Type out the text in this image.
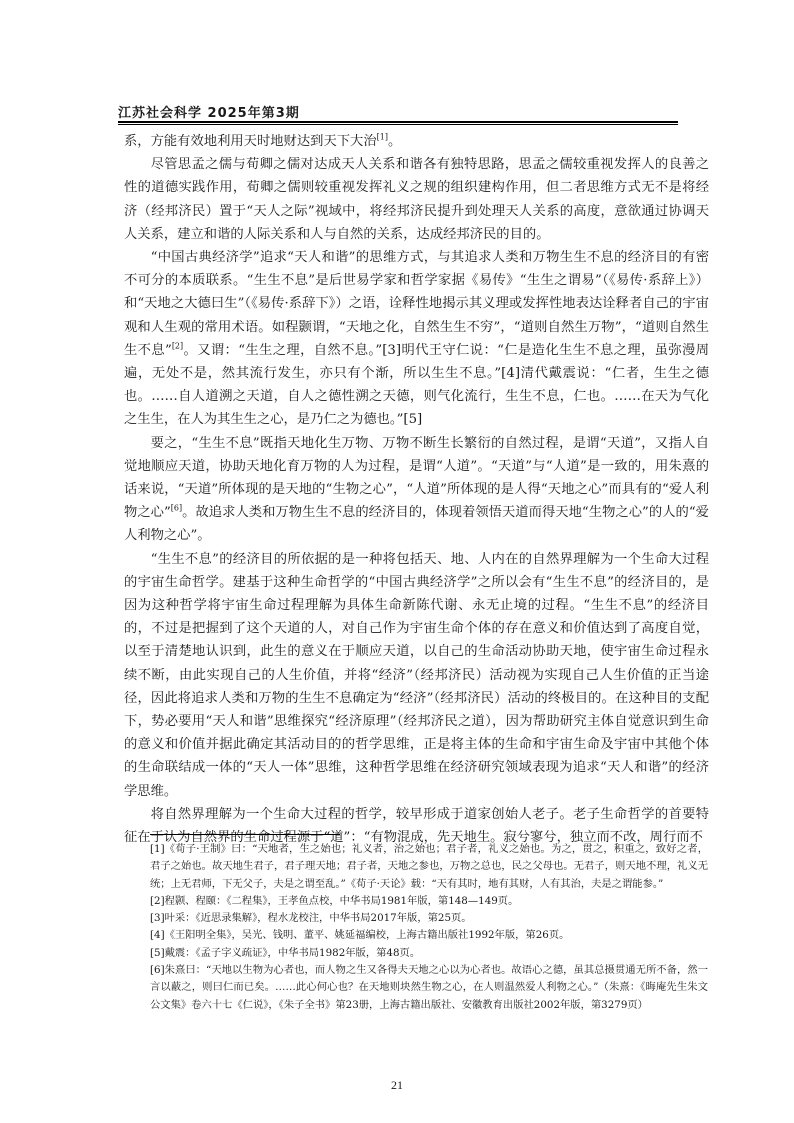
江苏社会科学 2025年第3期

系，方能有效地利用天时地财达到天下大治[1]。

尽管思孟之儒与荀卿之儒对达成天人关系和谐各有独特思路，思孟之儒较重视发挥人的良善之性的道德实践作用，荀卿之儒则较重视发挥礼义之规的组织建构作用，但二者思维方式无不是将经济（经邦济民）置于“天人之际”视域中，将经邦济民提升到处理天人关系的高度，意欲通过协调天人关系，建立和谐的人际关系和人与自然的关系，达成经邦济民的目的。

“中国古典经济学”追求“天人和谐”的思维方式，与其追求人类和万物生生不息的经济目的有密不可分的本质联系。“生生不息”是后世易学家和哲学家据《易传》“生生之谓易”（《易传·系辞上》）和“天地之大德曰生”（《易传·系辞下》）之语，诠释性地揭示其义理或发挥性地表达诠释者自己的宇宙观和人生观的常用术语。如程颢谓，“天地之化，自然生生不穷”，“道则自然生万物”，“道则自然生生不息”[2]。又谓：“生生之理，自然不息。”[3]明代王守仁说：“仁是造化生生不息之理，虽弥漫周遍，无处不是，然其流行发生，亦只有个渐，所以生生不息。”[4]清代戴震说：“仁者，生生之德也。……自人道溯之天道，自人之德性溯之天德，则气化流行，生生不息，仁也。……在天为气化之生生，在人为其生生之心，是乃仁之为德也。”[5]

要之，“生生不息”既指天地化生万物、万物不断生长繁衍的自然过程，是谓“天道”，又指人自觉地顺应天道，协助天地化育万物的人为过程，是谓“人道”。“天道”与“人道”是一致的，用朱熹的话来说，“天道”所体现的是天地的“生物之心”，“人道”所体现的是人得“天地之心”而具有的“爱人利物之心”[6]。故追求人类和万物生生不息的经济目的，体现着领悟天道而得天地“生物之心”的人的“爱人利物之心”。

“生生不息”的经济目的所依据的是一种将包括天、地、人内在的自然界理解为一个生命大过程的宇宙生命哲学。建基于这种生命哲学的“中国古典经济学”之所以会有“生生不息”的经济目的，是因为这种哲学将宇宙生命过程理解为具体生命新陈代谢、永无止境的过程。“生生不息”的经济目的，不过是把握到了这个天道的人，对自己作为宇宙生命个体的存在意义和价值达到了高度自觉，以至于清楚地认识到，此生的意义在于顺应天道，以自己的生命活动协助天地，使宇宙生命过程永续不断，由此实现自己的人生价值，并将“经济”（经邦济民）活动视为实现自己人生价值的正当途径，因此将追求人类和万物的生生不息确定为“经济”（经邦济民）活动的终极目的。在这种目的支配下，势必要用“天人和谐”思维探究“经济原理”（经邦济民之道），因为帮助研究主体自觉意识到生命的意义和价值并据此确定其活动目的的哲学思维，正是将主体的生命和宇宙生命及宇宙中其他个体的生命联结成一体的“天人一体”思维，这种哲学思维在经济研究领域表现为追求“天人和谐”的经济学思维。

将自然界理解为一个生命大过程的哲学，较早形成于道家创始人老子。老子生命哲学的首要特征在于认为自然界的生命过程源于“道”：“有物混成，先天地生。寂兮寥兮，独立而不改，周行而不

[1]《荀子·王制》曰：“天地者，生之始也；礼义者，治之始也；君子者，礼义之始也。为之，贯之，积重之，致好之者，君子之始也。故天地生君子，君子理天地；君子者，天地之参也，万物之总也，民之父母也。无君子，则天地不理，礼义无统；上无君师，下无父子，夫是之谓至乱。”《荀子·天论》载：“天有其时，地有其财，人有其治，夫是之谓能参。”

[2]程颢、程颐：《二程集》，王孝鱼点校，中华书局1981年版，第148—149页。

[3]叶采：《近思录集解》，程水龙校注，中华书局2017年版，第25页。

[4]《王阳明全集》，吴光、钱明、董平、姚延福编校，上海古籍出版社1992年版，第26页。

[5]戴震：《孟子字义疏证》，中华书局1982年版，第48页。

[6]朱熹曰：“天地以生物为心者也，而人物之生又各得夫天地之心以为心者也。故语心之德，虽其总摄贯通无所不备，然一言以蔽之，则曰仁而已矣。……此心何心也？在天地则块然生物之心，在人则温然爱人利物之心。”（朱熹：《晦庵先生朱文公文集》卷六十七《仁说》，《朱子全书》第23册，上海古籍出版社、安徽教育出版社2002年版，第3279页）

21
